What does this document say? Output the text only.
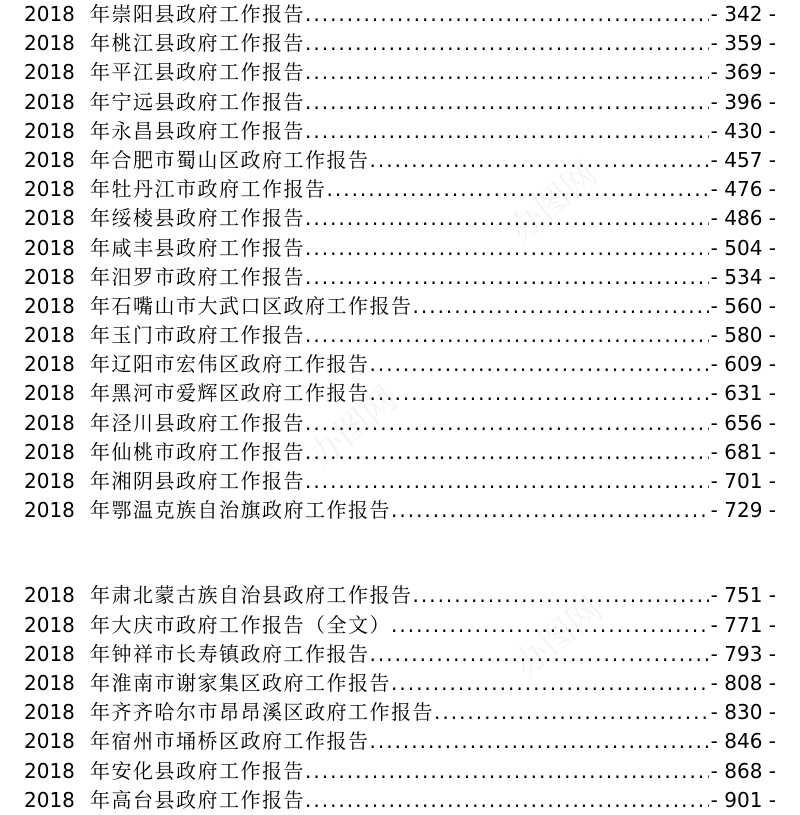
2018 年崇阳县政府工作报告 .....	- 342 -
2018 年桃江县政府工作报告 .....	- 359 -
2018 年平江县政府工作报告 .....	- 369 -
2018 年宁远县政府工作报告 .....	- 396 -
2018 年永昌县政府工作报告 .....	- 430 -
2018 年合肥市蜀山区政府工作报告 .....	- 457 -
2018 年牡丹江市政府工作报告 .....	- 476 -
2018 年绥棱县政府工作报告 .....	- 486 -
2018 年咸丰县政府工作报告 .....	- 504 -
2018 年汨罗市政府工作报告 .....	- 534 -
2018 年石嘴山市大武口区政府工作报告 .....	- 560 -
2018 年玉门市政府工作报告 .....	- 580 -
2018 年辽阳市宏伟区政府工作报告 .....	- 609 -
2018 年黑河市爱辉区政府工作报告 .....	- 631 -
2018 年泾川县政府工作报告 .....	- 656 -
2018 年仙桃市政府工作报告 .....	- 681 -
2018 年湘阴县政府工作报告 .....	- 701 -
2018 年鄂温克族自治旗政府工作报告 .....	- 729 -
2018 年肃北蒙古族自治县政府工作报告 .....	- 751 -
2018 年大庆市政府工作报告（全文） .....	- 771 -
2018 年钟祥市长寿镇政府工作报告 .....	- 793 -
2018 年淮南市谢家集区政府工作报告 .....	- 808 -
2018 年齐齐哈尔市昂昂溪区政府工作报告 .....	- 830 -
2018 年宿州市埇桥区政府工作报告 .....	- 846 -
2018 年安化县政府工作报告 .....	- 868 -
2018 年高台县政府工作报告 .....	- 901 -
办图网
办图网
办图网
